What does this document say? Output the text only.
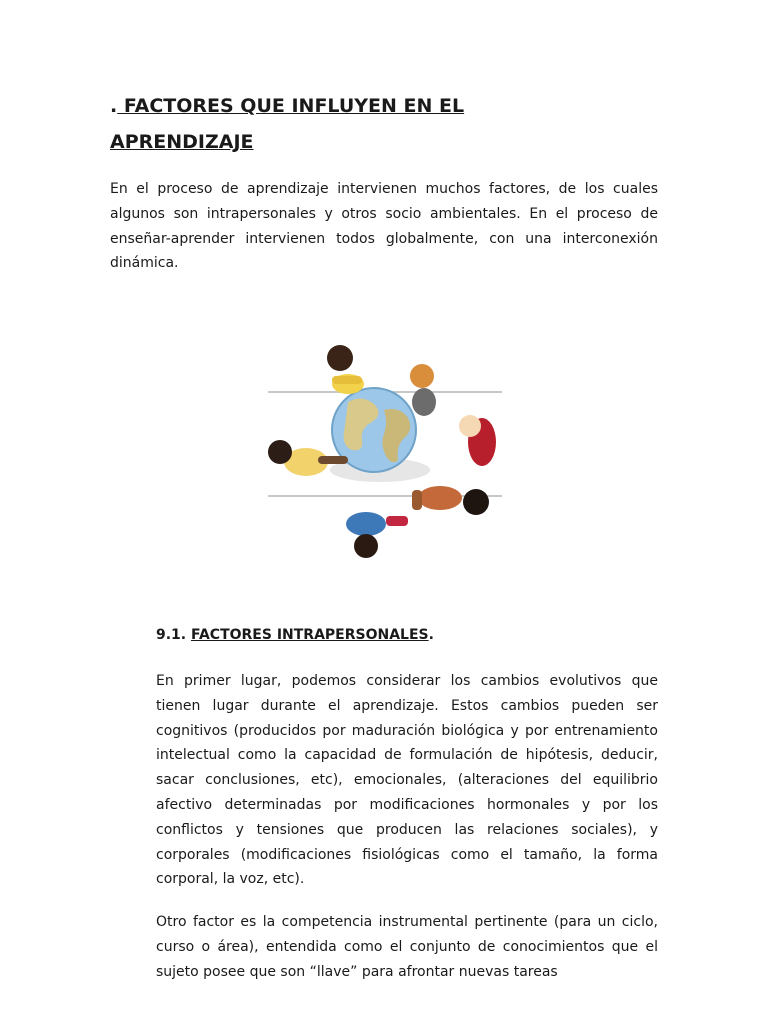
. FACTORES QUE INFLUYEN EN EL
APRENDIZAJE

En el proceso de aprendizaje intervienen muchos factores, de los cuales algunos son intrapersonales y otros socio ambientales. En el proceso de enseñar-aprender intervienen todos globalmente, con una interconexión dinámica.

9.1. FACTORES INTRAPERSONALES.

En primer lugar, podemos considerar los cambios evolutivos que tienen lugar durante el aprendizaje. Estos cambios pueden ser cognitivos (producidos por maduración biológica y por entrenamiento intelectual como la capacidad de formulación de hipótesis, deducir, sacar conclusiones, etc), emocionales, (alteraciones del equilibrio afectivo determinadas por modificaciones hormonales y por los conflictos y tensiones que producen las relaciones sociales), y corporales (modificaciones fisiológicas como el tamaño, la forma corporal, la voz, etc).

Otro factor es la competencia instrumental pertinente (para un ciclo, curso o área), entendida como el conjunto de conocimientos que el sujeto posee que son “llave” para afrontar nuevas tareas
